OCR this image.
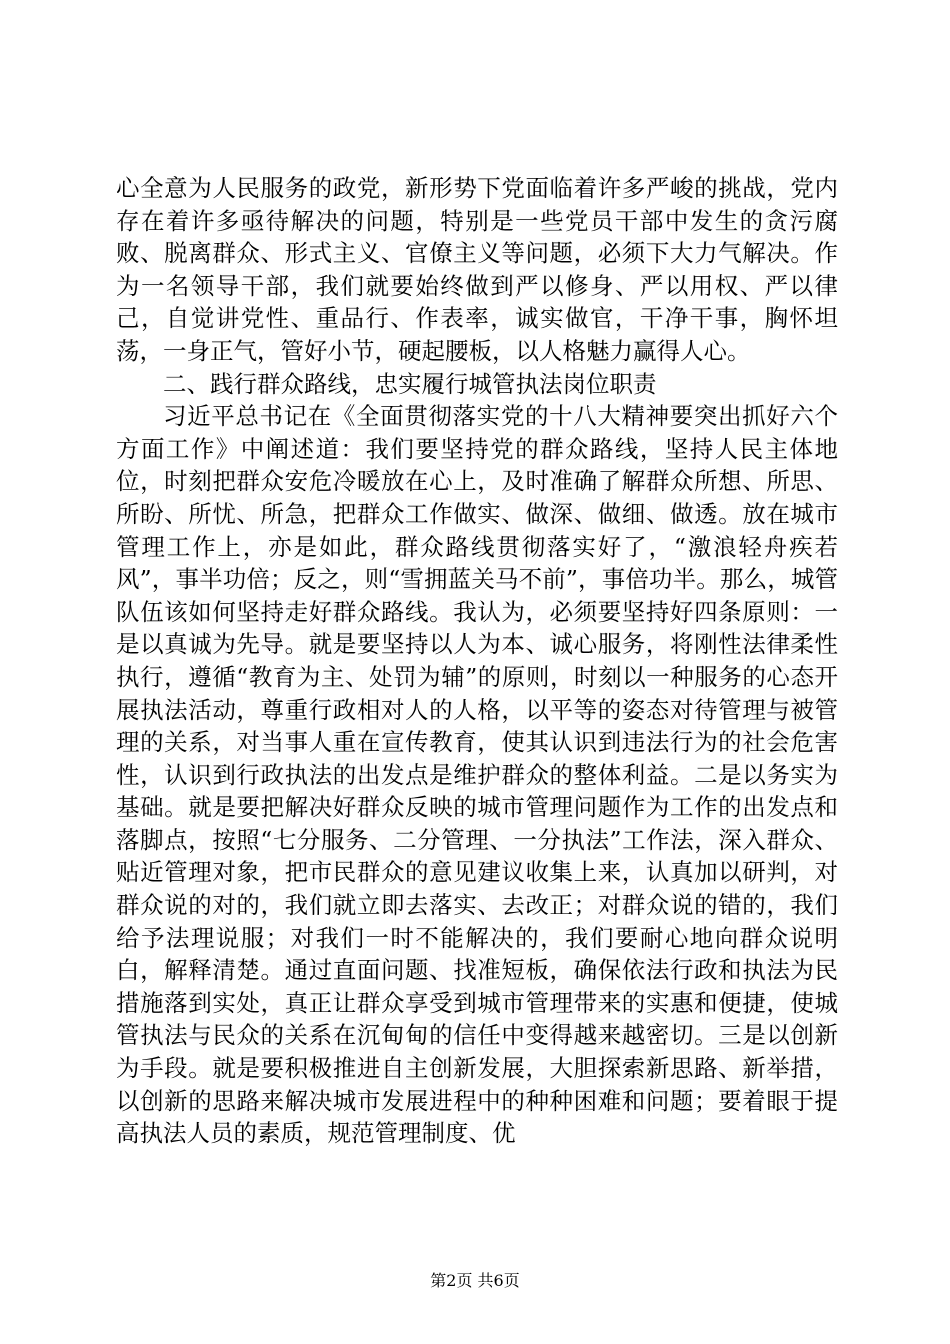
心全意为人民服务的政党，新形势下党面临着许多严峻的挑战，党内存在着许多亟待解决的问题，特别是一些党员干部中发生的贪污腐败、脱离群众、形式主义、官僚主义等问题，必须下大力气解决。作为一名领导干部，我们就要始终做到严以修身、严以用权、严以律己，自觉讲党性、重品行、作表率，诚实做官，干净干事，胸怀坦荡，一身正气，管好小节，硬起腰板，以人格魅力赢得人心。

二、践行群众路线，忠实履行城管执法岗位职责

习近平总书记在《全面贯彻落实党的十八大精神要突出抓好六个方面工作》中阐述道：我们要坚持党的群众路线，坚持人民主体地位，时刻把群众安危冷暖放在心上，及时准确了解群众所想、所思、所盼、所忧、所急，把群众工作做实、做深、做细、做透。放在城市管理工作上，亦是如此，群众路线贯彻落实好了，“激浪轻舟疾若风”，事半功倍；反之，则“雪拥蓝关马不前”，事倍功半。那么，城管队伍该如何坚持走好群众路线。我认为，必须要坚持好四条原则：一是以真诚为先导。就是要坚持以人为本、诚心服务，将刚性法律柔性执行，遵循“教育为主、处罚为辅”的原则，时刻以一种服务的心态开展执法活动，尊重行政相对人的人格，以平等的姿态对待管理与被管理的关系，对当事人重在宣传教育，使其认识到违法行为的社会危害性，认识到行政执法的出发点是维护群众的整体利益。二是以务实为基础。就是要把解决好群众反映的城市管理问题作为工作的出发点和落脚点，按照“七分服务、二分管理、一分执法”工作法，深入群众、贴近管理对象，把市民群众的意见建议收集上来，认真加以研判，对群众说的对的，我们就立即去落实、去改正；对群众说的错的，我们给予法理说服；对我们一时不能解决的，我们要耐心地向群众说明白，解释清楚。通过直面问题、找准短板，确保依法行政和执法为民措施落到实处，真正让群众享受到城市管理带来的实惠和便捷，使城管执法与民众的关系在沉甸甸的信任中变得越来越密切。三是以创新为手段。就是要积极推进自主创新发展，大胆探索新思路、新举措，以创新的思路来解决城市发展进程中的种种困难和问题；要着眼于提高执法人员的素质，规范管理制度、优

第2页 共6页
